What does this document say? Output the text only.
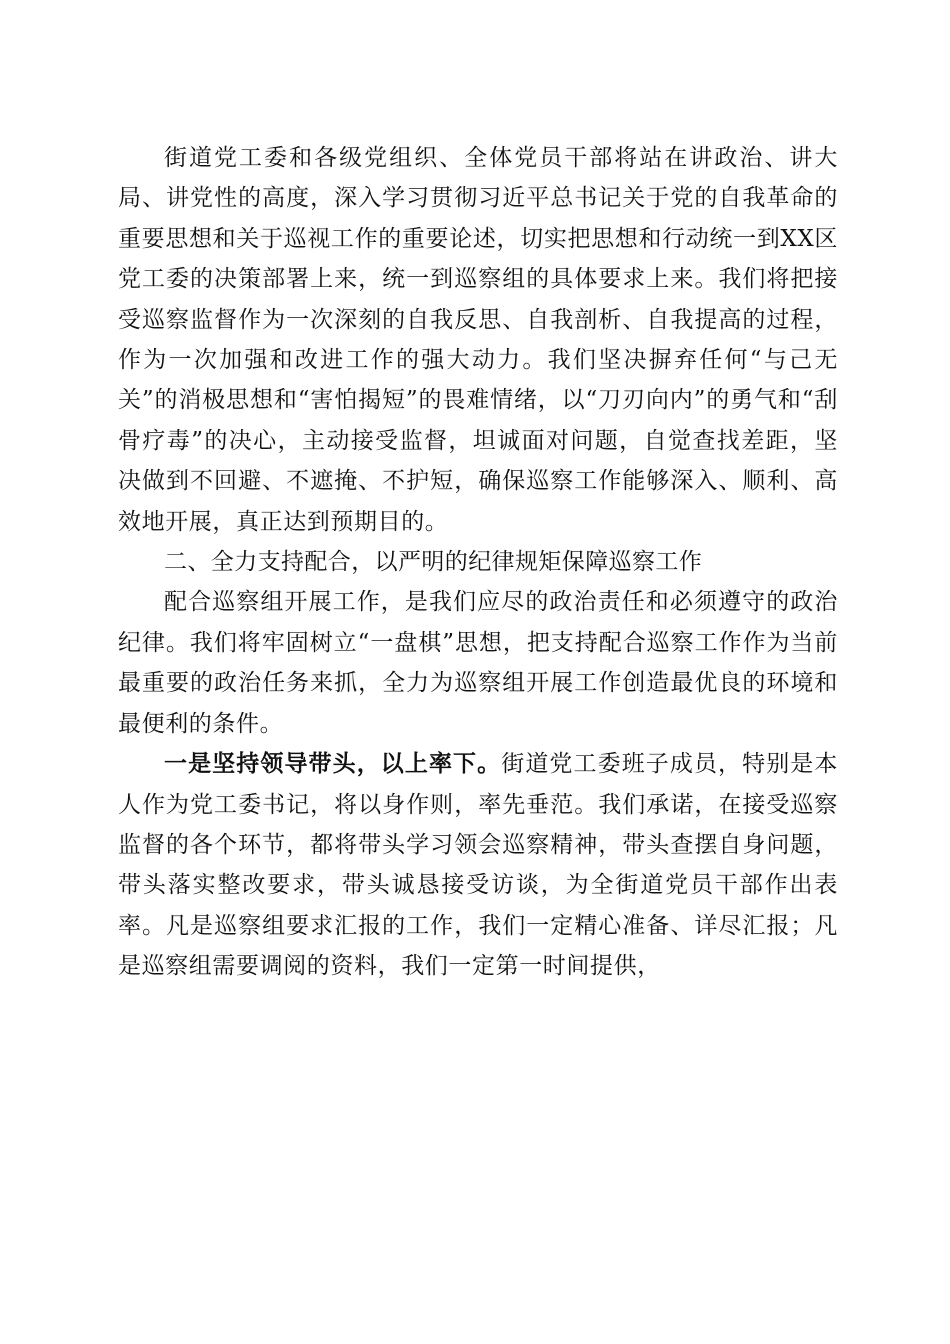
街道党工委和各级党组织、全体党员干部将站在讲政治、讲大局、讲党性的高度，深入学习贯彻习近平总书记关于党的自我革命的重要思想和关于巡视工作的重要论述，切实把思想和行动统一到XX区党工委的决策部署上来，统一到巡察组的具体要求上来。我们将把接受巡察监督作为一次深刻的自我反思、自我剖析、自我提高的过程，作为一次加强和改进工作的强大动力。我们坚决摒弃任何“与己无关”的消极思想和“害怕揭短”的畏难情绪，以“刀刃向内”的勇气和“刮骨疗毒”的决心，主动接受监督，坦诚面对问题，自觉查找差距，坚决做到不回避、不遮掩、不护短，确保巡察工作能够深入、顺利、高效地开展，真正达到预期目的。

二、全力支持配合，以严明的纪律规矩保障巡察工作

配合巡察组开展工作，是我们应尽的政治责任和必须遵守的政治纪律。我们将牢固树立“一盘棋”思想，把支持配合巡察工作作为当前最重要的政治任务来抓，全力为巡察组开展工作创造最优良的环境和最便利的条件。

一是坚持领导带头，以上率下。街道党工委班子成员，特别是本人作为党工委书记，将以身作则，率先垂范。我们承诺，在接受巡察监督的各个环节，都将带头学习领会巡察精神，带头查摆自身问题，带头落实整改要求，带头诚恳接受访谈，为全街道党员干部作出表率。凡是巡察组要求汇报的工作，我们一定精心准备、详尽汇报；凡是巡察组需要调阅的资料，我们一定第一时间提供，
